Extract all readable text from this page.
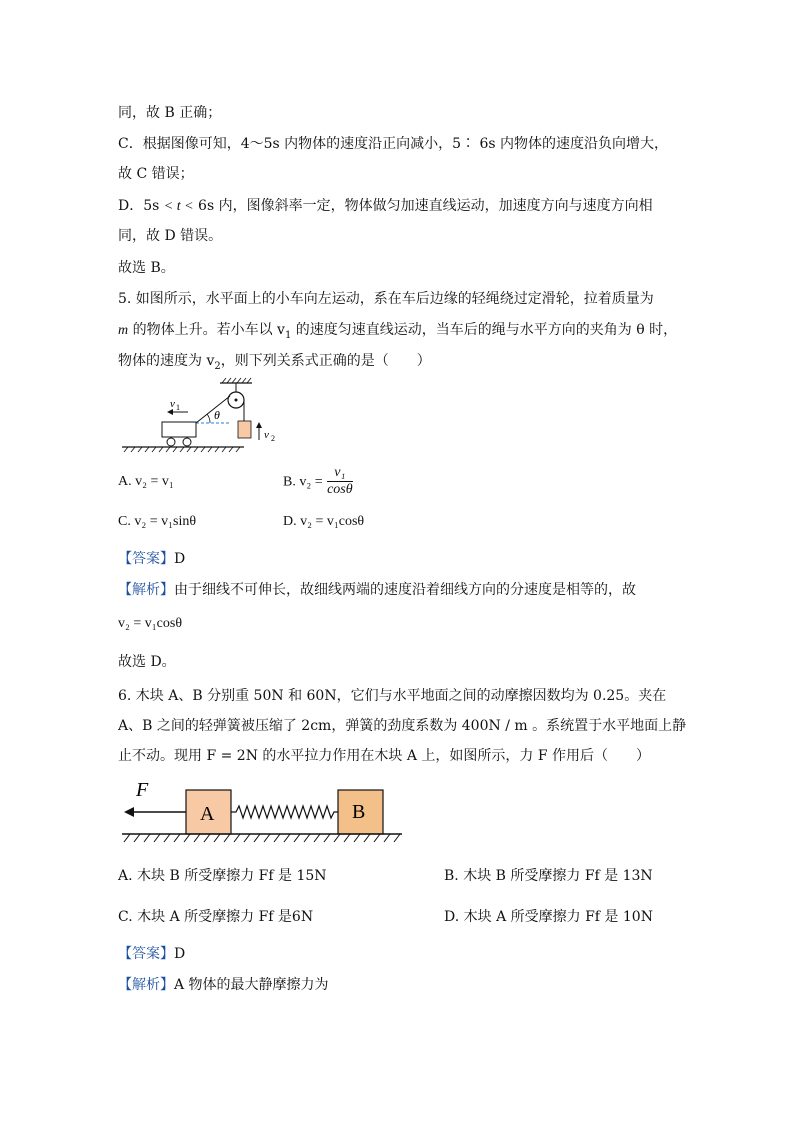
同，故 B 正确；
C．根据图像可知，4～5s 内物体的速度沿正向减小，5∶ 6s 内物体的速度沿负向增大，
故 C 错误；
D．5s < t < 6s 内，图像斜率一定，物体做匀加速直线运动，加速度方向与速度方向相
同，故 D 错误。
故选 B。
5. 如图所示，水平面上的小车向左运动，系在车后边缘的轻绳绕过定滑轮，拉着质量为
m 的物体上升。若小车以 $v_1$ 的速度匀速直线运动，当车后的绳与水平方向的夹角为 θ 时，
物体的速度为 $v_2$，则下列关系式正确的是（　　）
θ
v 2
v 1
A. v₂ = v₁	B. $v_2 = \frac{\text{v₁}}{\cos\theta}$
C. v₂ = v₁sinθ	D. v₂ = v₁cosθ
【答案】D
【解析】由于细线不可伸长，故细线两端的速度沿着细线方向的分速度是相等的，故
v₂ = v₁cosθ
故选 D。
6. 木块 A、B 分别重 50N 和 60N，它们与水平地面之间的动摩擦因数均为 0.25。夹在
A、B 之间的轻弹簧被压缩了 2cm，弹簧的劲度系数为 400N / m 。系统置于水平地面上静
止不动。现用 F = 2N 的水平拉力作用在木块 A 上，如图所示，力 F 作用后（　　）
F
A	B
A. 木块 B 所受摩擦力 Ff 是 15N	B. 木块 B 所受摩擦力 Ff 是 13N
C. 木块 A 所受摩擦力 Ff 是6N	D. 木块 A 所受摩擦力 Ff 是 10N
【答案】D
【解析】A 物体的最大静摩擦力为
